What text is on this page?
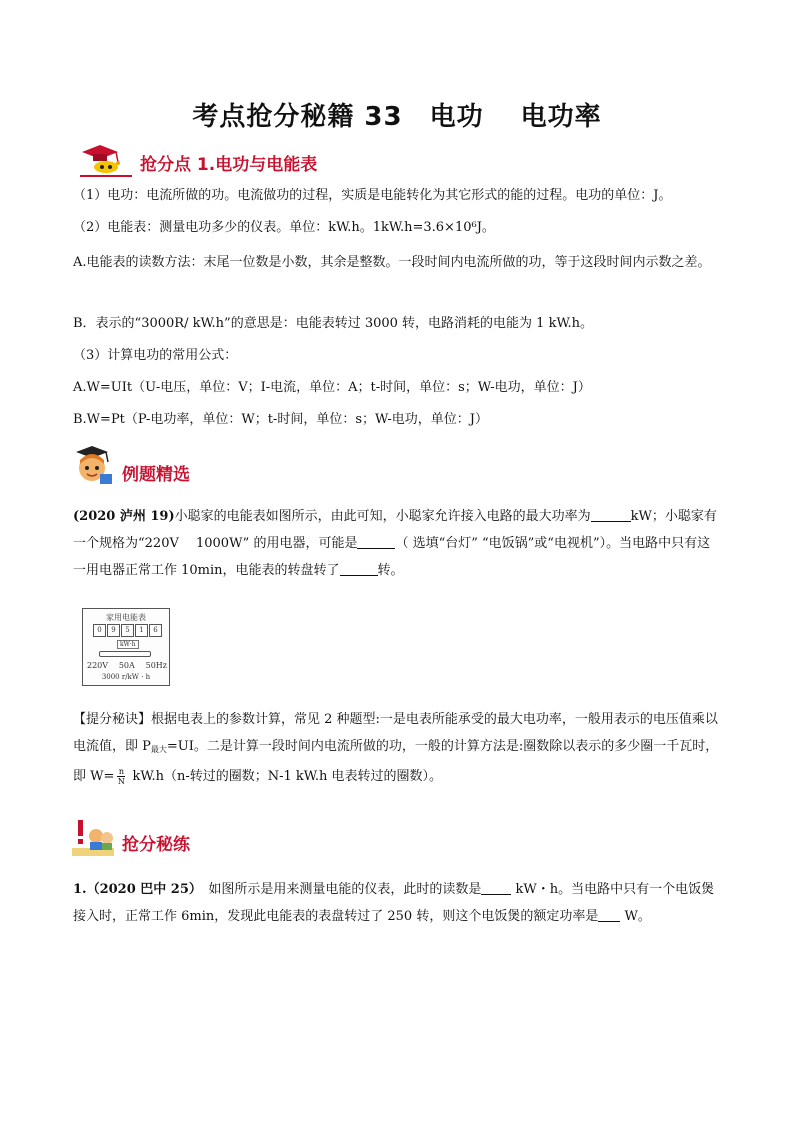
考点抢分秘籍 33　电功　 电功率
抢分点 1.电功与电能表

（1）电功：电流所做的功。电流做功的过程，实质是电能转化为其它形式的能的过程。电功的单位：J。

（2）电能表：测量电功多少的仪表。单位：kW.h。1kW.h=3.6×10⁶J。

A.电能表的读数方法：末尾一位数是小数，其余是整数。一段时间内电流所做的功，等于这段时间内示数之差。

B．表示的“3000R/ kW.h”的意思是：电能表转过 3000 转，电路消耗的电能为 1 kW.h。

（3）计算电功的常用公式：

A.W=UIt（U-电压，单位：V；I-电流，单位：A；t-时间，单位：s；W-电功，单位：J）

B.W=Pt（P-电功率，单位：W；t-时间，单位：s；W-电功，单位：J）

例题精选

(2020 泸州 19)小聪家的电能表如图所示，由此可知，小聪家允许接入电路的最大功率为	kW；小聪家有一个规格为“220V　 1000W” 的用电器，可能是	（ 选填“台灯” “电饭锅”或“电视机”）。当电路中只有这一用电器正常工作 10min，电能表的转盘转了	转。

家用电能表
0	9	5	1	6
kW·h
220V 50A 50Hz
3000 r/kW · h

【提分秘诀】根据电表上的参数计算，常见 2 种题型:一是电表所能承受的最大电功率，一般用表示的电压值乘以电流值，即 $P_{最大}=UI$。二是计算一段时间内电流所做的功，一般的计算方法是:圈数除以表示的多少圈一千瓦时，即 $W= \frac{n}{N} kW.h(n-$转过的圈数；N-1 kW.h 电表转过的圈数）。

抢分秘练

1.（2020 巴中 25）　如图所示是用来测量电能的仪表，此时的读数是 kW・h。当电路中只有一个电饭煲接入时，正常工作 6min，发现此电能表的表盘转过了 250 转，则这个电饭煲的额定功率是 W。
